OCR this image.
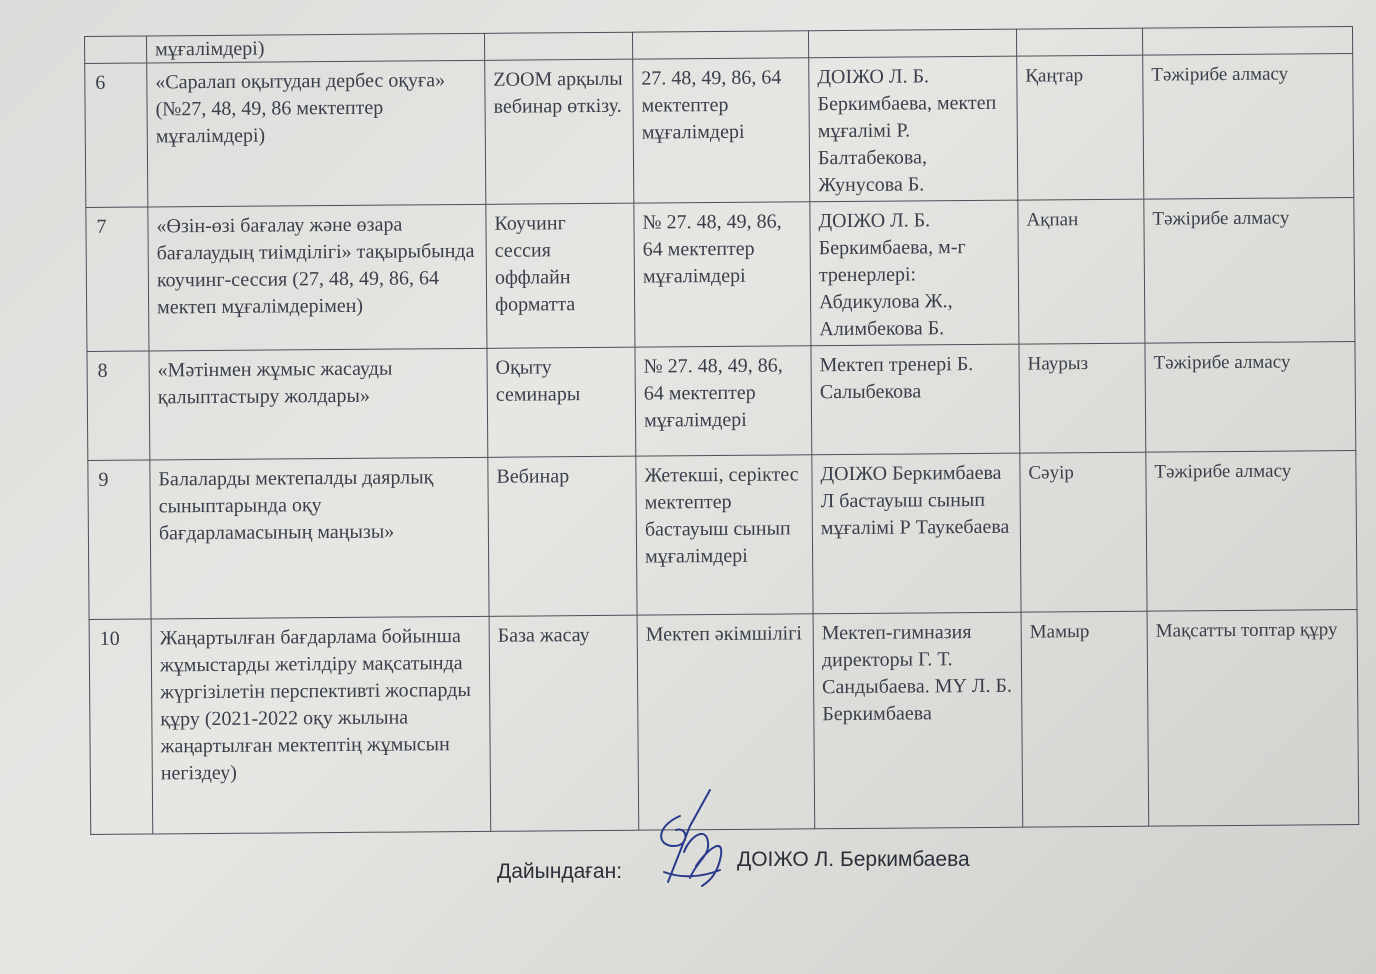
	мұғалімдері)					
6	«Саралап оқытудан дербес оқуға» (№27, 48, 49, 86 мектептер мұғалімдері)	ZOOM арқылы вебинар өткізу.	27. 48, 49, 86, 64 мектептер мұғалімдері	ДОІЖО Л. Б. Беркимбаева, мектеп мұғалімі Р. Балтабекова, Жунусова Б.	Қаңтар	Тәжірибе алмасу
7	«Өзін-өзі бағалау және өзара бағалаудың тиімділігі» тақырыбында коучинг-сессия (27, 48, 49, 86, 64 мектеп мұғалімдерімен)	Коучинг сессия оффлайн форматта	№ 27. 48, 49, 86, 64 мектептер мұғалімдері	ДОІЖО Л. Б. Беркимбаева, м-г тренерлері: Абдикулова Ж., Алимбекова Б.	Ақпан	Тәжірибе алмасу
8	«Мәтінмен жұмыс жасауды қалыптастыру жолдары»	Оқыту семинары	№ 27. 48, 49, 86, 64 мектептер мұғалімдері	Мектеп тренері Б. Салыбекова	Наурыз	Тәжірибе алмасу
9	Балаларды мектепалды даярлық сыныптарында оқу бағдарламасының маңызы»	Вебинар	Жетекші, серіктес мектептер бастауыш сынып мұғалімдері	ДОІЖО Беркимбаева Л бастауыш сынып мұғалімі Р Таукебаева	Сәуір	Тәжірибе алмасу
10	Жаңартылған бағдарлама бойынша жұмыстарды жетілдіру мақсатында жүргізілетін перспективті жоспарды құру (2021-2022 оқу жылына жаңартылған мектептің жұмысын негіздеу)	База жасау	Мектеп әкімшілігі	Мектеп-гимназия директоры Г. Т. Сандыбаева. МҮ Л. Б. Беркимбаева	Мамыр	Мақсатты топтар құру
Дайындаған:
ДОІЖО Л. Беркимбаева
